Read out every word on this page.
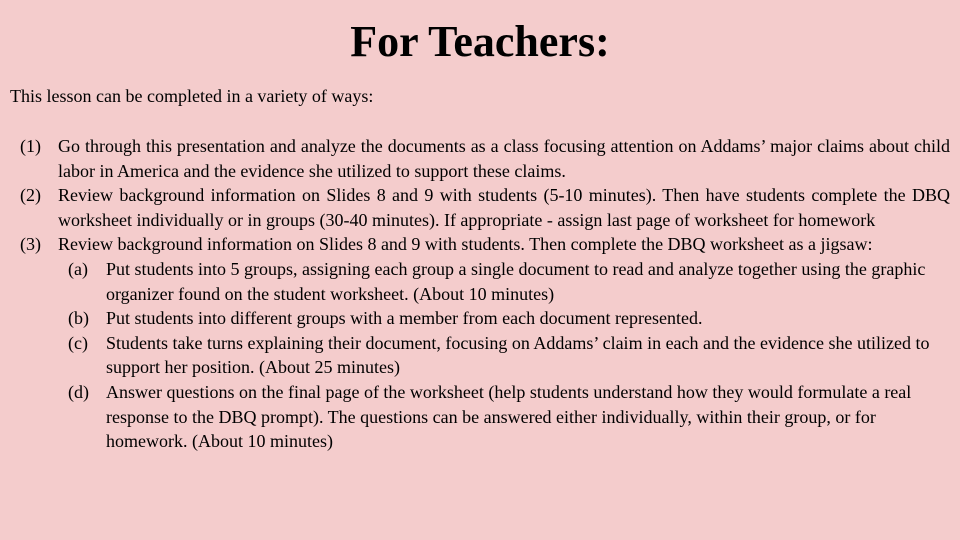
For Teachers:
This lesson can be completed in a variety of ways:
(1) Go through this presentation and analyze the documents as a class focusing attention on Addams’ major claims about child labor in America and the evidence she utilized to support these claims.
(2) Review background information on Slides 8 and 9 with students (5-10 minutes). Then have students complete the DBQ worksheet individually or in groups (30-40 minutes). If appropriate - assign last page of worksheet for homework
(3) Review background information on Slides 8 and 9 with students. Then complete the DBQ worksheet as a jigsaw:
(a)	Put students into 5 groups, assigning each group a single document to read and analyze together using the graphic organizer found on the student worksheet. (About 10 minutes)
(b) Put students into different groups with a member from each document represented.
(c)	Students take turns explaining their document, focusing on Addams’ claim in each and the evidence she utilized to support her position. (About 25 minutes)
(d) Answer questions on the final page of the worksheet (help students understand how they would formulate a real response to the DBQ prompt). The questions can be answered either individually, within their group, or for homework. (About 10 minutes)
